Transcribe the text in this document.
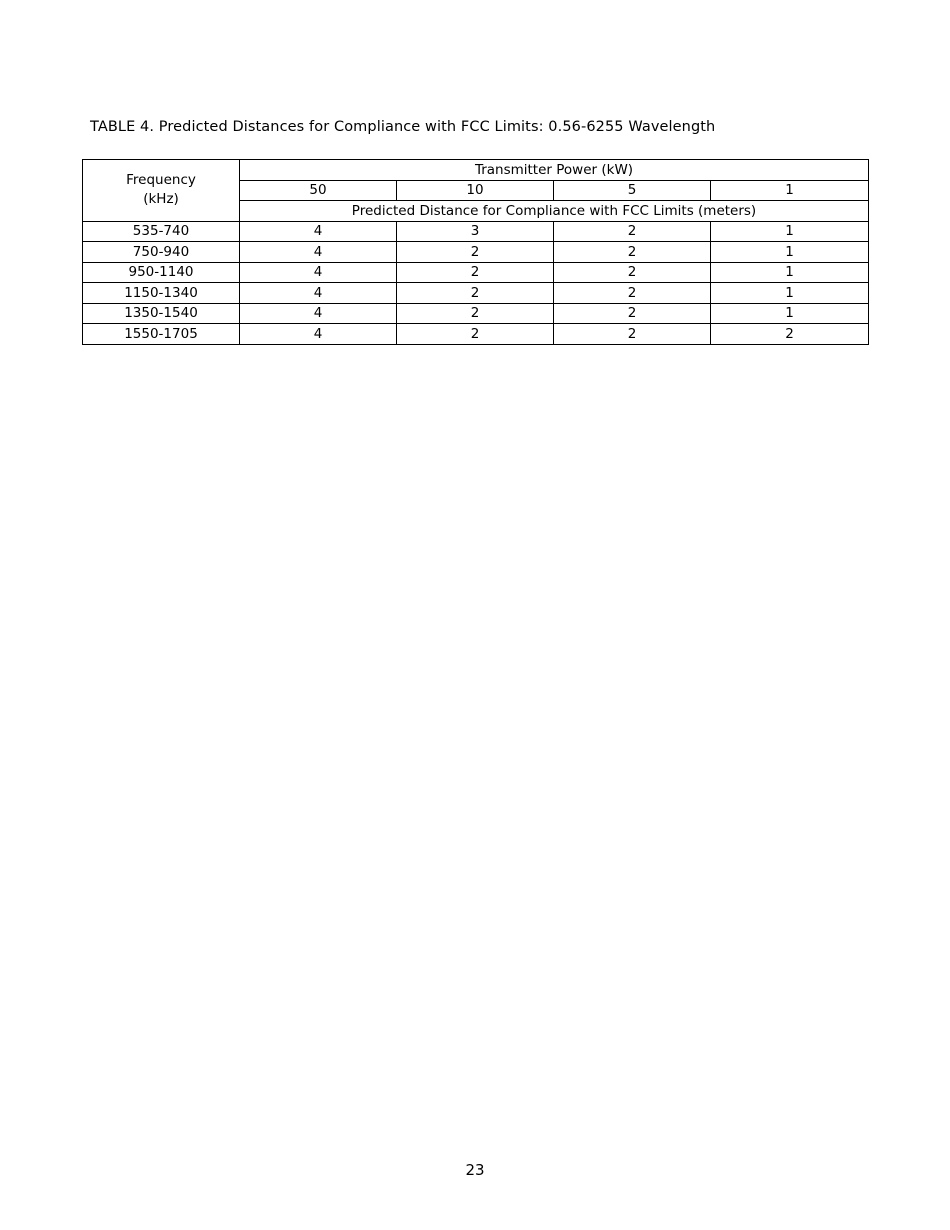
TABLE 4. Predicted Distances for Compliance with FCC Limits: 0.56-6255 Wavelength
Frequency
(kHz)	Transmitter Power (kW)			
	50	10	5	1
	Predicted Distance for Compliance with FCC Limits (meters)			
535-740	4	3	2	1
750-940	4	2	2	1
950-1140	4	2	2	1
1150-1340	4	2	2	1
1350-1540	4	2	2	1
1550-1705	4	2	2	2
23
